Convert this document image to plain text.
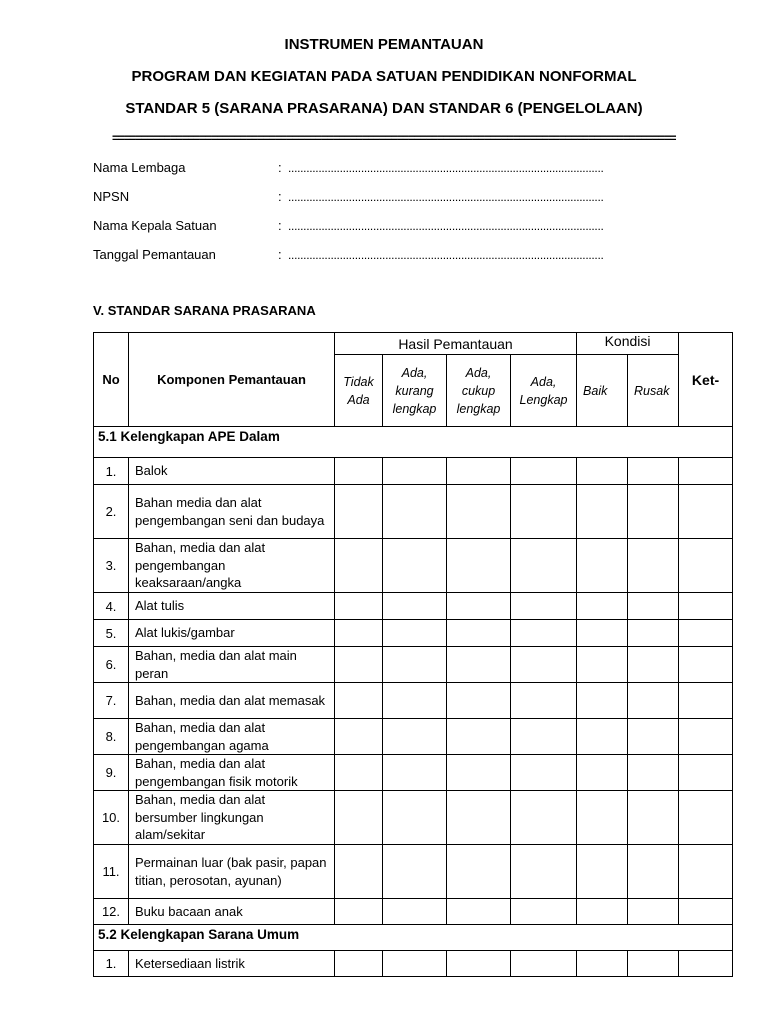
INSTRUMEN PEMANTAUAN
PROGRAM DAN KEGIATAN PADA SATUAN PENDIDIKAN NONFORMAL
STANDAR 5 (SARANA PRASARANA) DAN STANDAR 6 (PENGELOLAAN)
=================================================================================================
Nama Lembaga	: ........................................................................................................
NPSN	: ........................................................................................................
Nama Kepala Satuan	: ........................................................................................................
Tanggal Pemantauan	: ........................................................................................................
V. STANDAR SARANA PRASARANA
No	Komponen Pemantauan	Hasil Pemantauan				Kondisi		Ket-
		Tidak Ada	Ada, kurang lengkap	Ada, cukup lengkap	Ada, Lengkap	Baik	Rusak	
5.1 Kelengkapan APE Dalam								
1.	Balok							
2.	Bahan media dan alat pengembangan seni dan budaya							
3.	Bahan, media dan alat pengembangan keaksaraan/angka							
4.	Alat tulis							
5.	Alat lukis/gambar							
6.	Bahan, media dan alat main peran							
7.	Bahan, media dan alat memasak							
8.	Bahan, media dan alat pengembangan agama							
9.	Bahan, media dan alat pengembangan fisik motorik							
10.	Bahan, media dan alat bersumber lingkungan alam/sekitar							
11.	Permainan luar (bak pasir, papan titian, perosotan, ayunan)							
12.	Buku bacaan anak							
5.2 Kelengkapan Sarana Umum								
1.	Ketersediaan listrik							
